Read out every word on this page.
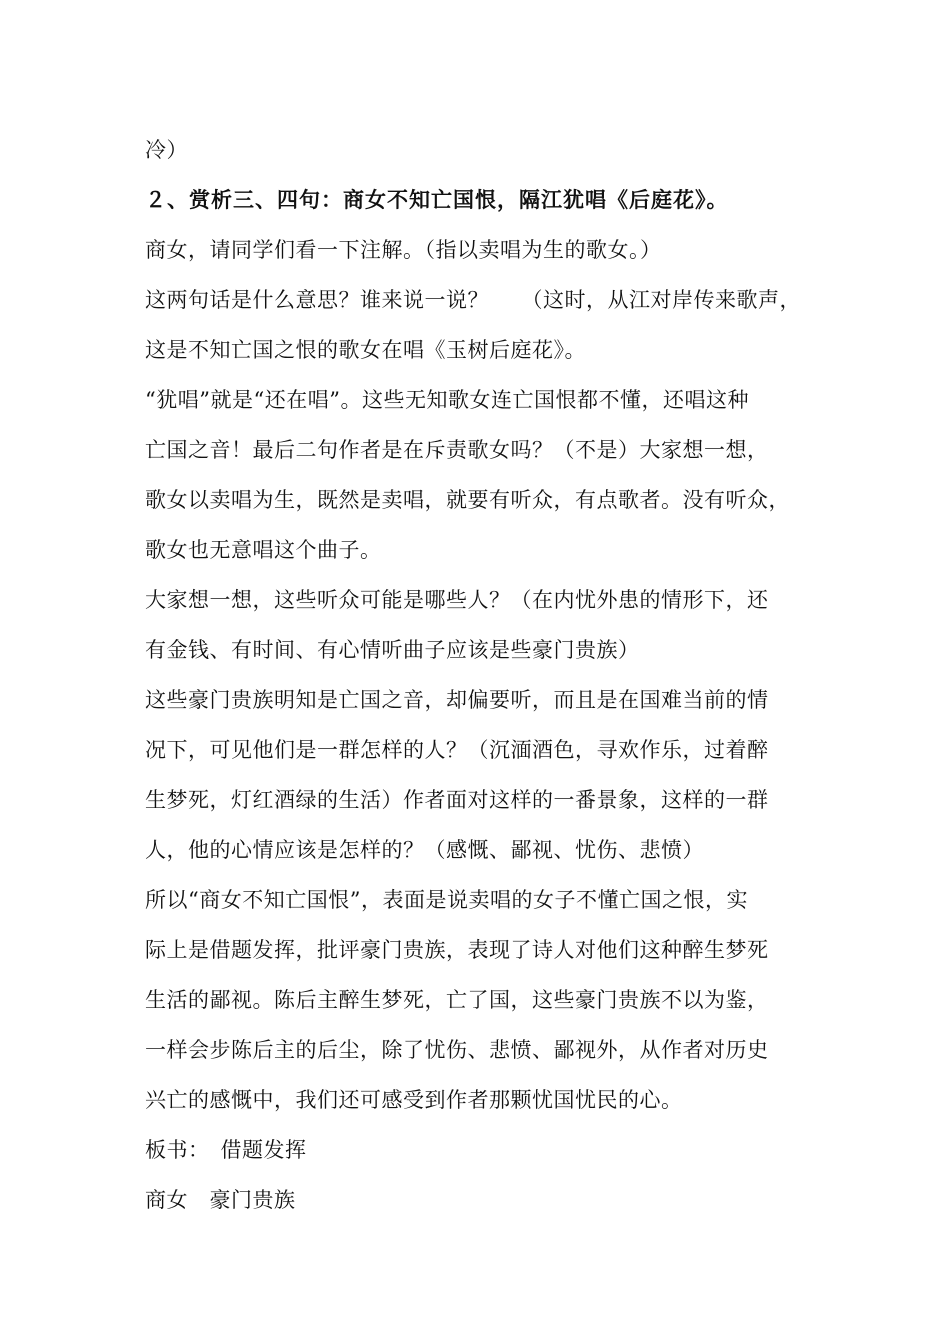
冷）
２、赏析三、四句：商女不知亡国恨，隔江犹唱《后庭花》。
商女，请同学们看一下注解。（指以卖唱为生的歌女。）
这两句话是什么意思？谁来说一说？　　（这时，从江对岸传来歌声，
这是不知亡国之恨的歌女在唱《玉树后庭花》。
“犹唱”就是“还在唱”。这些无知歌女连亡国恨都不懂，还唱这种
亡国之音！最后二句作者是在斥责歌女吗？（不是）大家想一想，
歌女以卖唱为生，既然是卖唱，就要有听众，有点歌者。没有听众，
歌女也无意唱这个曲子。
大家想一想，这些听众可能是哪些人？（在内忧外患的情形下，还
有金钱、有时间、有心情听曲子应该是些豪门贵族）
这些豪门贵族明知是亡国之音，却偏要听，而且是在国难当前的情
况下，可见他们是一群怎样的人？（沉湎酒色，寻欢作乐，过着醉
生梦死，灯红酒绿的生活）作者面对这样的一番景象，这样的一群
人，他的心情应该是怎样的？（感慨、鄙视、忧伤、悲愤）
所以“商女不知亡国恨”，表面是说卖唱的女子不懂亡国之恨，实
际上是借题发挥，批评豪门贵族，表现了诗人对他们这种醉生梦死
生活的鄙视。陈后主醉生梦死，亡了国，这些豪门贵族不以为鉴，
一样会步陈后主的后尘，除了忧伤、悲愤、鄙视外，从作者对历史
兴亡的感慨中，我们还可感受到作者那颗忧国忧民的心。
板书：　借题发挥
商女　豪门贵族
